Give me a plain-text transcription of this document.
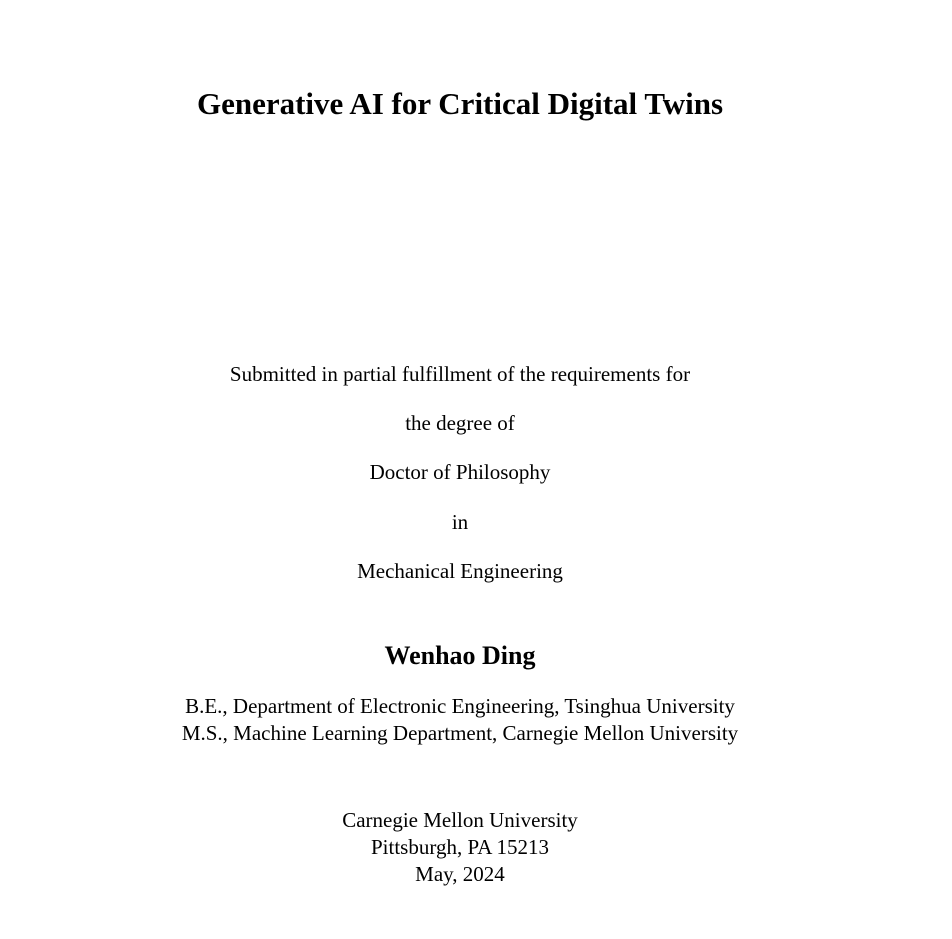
Generative AI for Critical Digital Twins
Submitted in partial fulfillment of the requirements for
the degree of
Doctor of Philosophy
in
Mechanical Engineering
Wenhao Ding
B.E., Department of Electronic Engineering, Tsinghua University
M.S., Machine Learning Department, Carnegie Mellon University
Carnegie Mellon University
Pittsburgh, PA 15213
May, 2024
